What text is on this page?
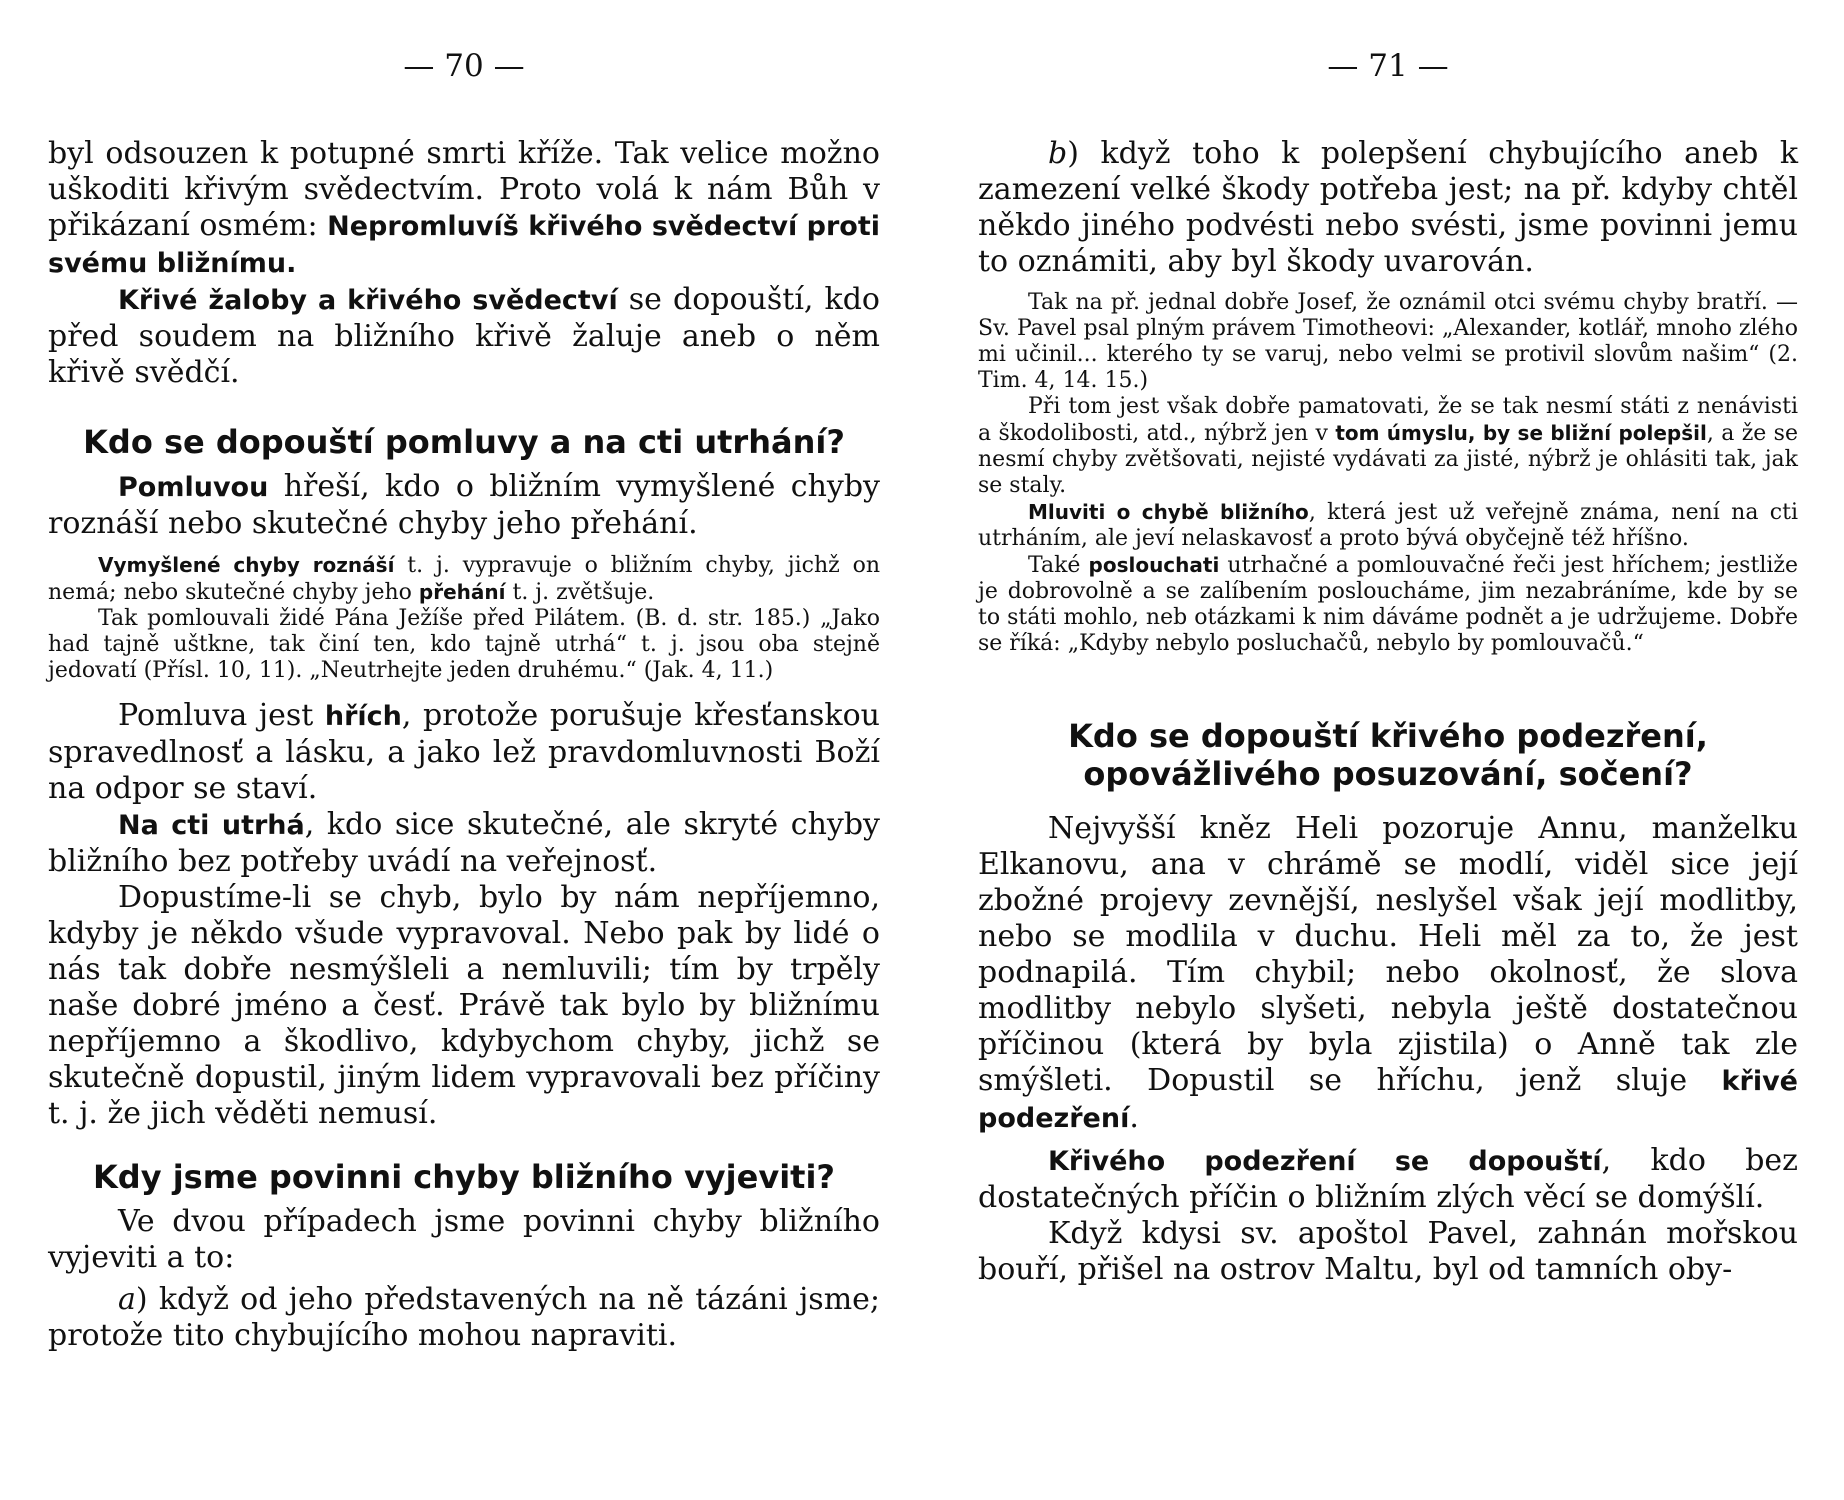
— 70 —

byl odsouzen k potupné smrti kříže. Tak velice možno uškoditi křivým svědectvím. Proto volá k nám Bůh v přikázaní osmém: Nepromluvíš křivého svědectví proti svému bližnímu.

Křivé žaloby a křivého svědectví se dopouští, kdo před soudem na bližního křivě žaluje aneb o něm křivě svědčí.

Kdo se dopouští pomluvy a na cti utrhání?

Pomluvou hřeší, kdo o bližním vymyšlené chyby roznáší nebo skutečné chyby jeho přehání.

Vymyšlené chyby roznáší t. j. vypravuje o bližním chyby, jichž on nemá; nebo skutečné chyby jeho přehání t. j. zvětšuje.

Tak pomlouvali židé Pána Ježíše před Pilátem. (B. d. str. 185.) „Jako had tajně uštkne, tak činí ten, kdo tajně utrhá“ t. j. jsou oba stejně jedovatí (Přísl. 10, 11). „Neutrhejte jeden druhému.“ (Jak. 4, 11.)

Pomluva jest hřích, protože porušuje křesťanskou spravedlnosť a lásku, a jako lež pravdomluvnosti Boží na odpor se staví.

Na cti utrhá, kdo sice skutečné, ale skryté chyby bližního bez potřeby uvádí na veřejnosť.

Dopustíme-li se chyb, bylo by nám nepříjemno, kdyby je někdo všude vypravoval. Nebo pak by lidé o nás tak dobře nesmýšleli a nemluvili; tím by trpěly naše dobré jméno a česť. Právě tak bylo by bližnímu nepříjemno a škodlivo, kdybychom chyby, jichž se skutečně dopustil, jiným lidem vypravovali bez příčiny t. j. že jich věděti nemusí.

Kdy jsme povinni chyby bližního vyjeviti?

Ve dvou případech jsme povinni chyby bližního vyjeviti a to:

a) když od jeho představených na ně tázáni jsme; protože tito chybujícího mohou napraviti.

— 71 —

b) když toho k polepšení chybujícího aneb k zamezení velké škody potřeba jest; na př. kdyby chtěl někdo jiného podvésti nebo svésti, jsme povinni jemu to oznámiti, aby byl škody uvarován.

Tak na př. jednal dobře Josef, že oznámil otci svému chyby bratří. — Sv. Pavel psal plným právem Timotheovi: „Alexander, kotlář, mnoho zlého mi učinil... kterého ty se varuj, nebo velmi se protivil slovům našim“ (2. Tim. 4, 14. 15.)

Při tom jest však dobře pamatovati, že se tak nesmí státi z nenávisti a škodolibosti, atd., nýbrž jen v tom úmyslu, by se bližní polepšil, a že se nesmí chyby zvětšovati, nejisté vydávati za jisté, nýbrž je ohlásiti tak, jak se staly.

Mluviti o chybě bližního, která jest už veřejně známa, není na cti utrháním, ale jeví nelaskavosť a proto bývá obyčejně též hříšno.

Také poslouchati utrhačné a pomlouvačné řeči jest hříchem; jestliže je dobrovolně a se zalíbením posloucháme, jim nezabráníme, kde by se to státi mohlo, neb otázkami k nim dáváme podnět a je udržujeme. Dobře se říká: „Kdyby nebylo posluchačů, nebylo by pomlouvačů.“

Kdo se dopouští křivého podezření, opovážlivého posuzování, sočení?

Nejvyšší kněz Heli pozoruje Annu, manželku Elkanovu, ana v chrámě se modlí, viděl sice její zbožné projevy zevnější, neslyšel však její modlitby, nebo se modlila v duchu. Heli měl za to, že jest podnapilá. Tím chybil; nebo okolnosť, že slova modlitby nebylo slyšeti, nebyla ještě dostatečnou příčinou (která by byla zjistila) o Anně tak zle smýšleti. Dopustil se hříchu, jenž sluje křivé podezření.

Křivého podezření se dopouští, kdo bez dostatečných příčin o bližním zlých věcí se domýšlí.

Když kdysi sv. apoštol Pavel, zahnán mořskou bouří, přišel na ostrov Maltu, byl od tamních oby-
